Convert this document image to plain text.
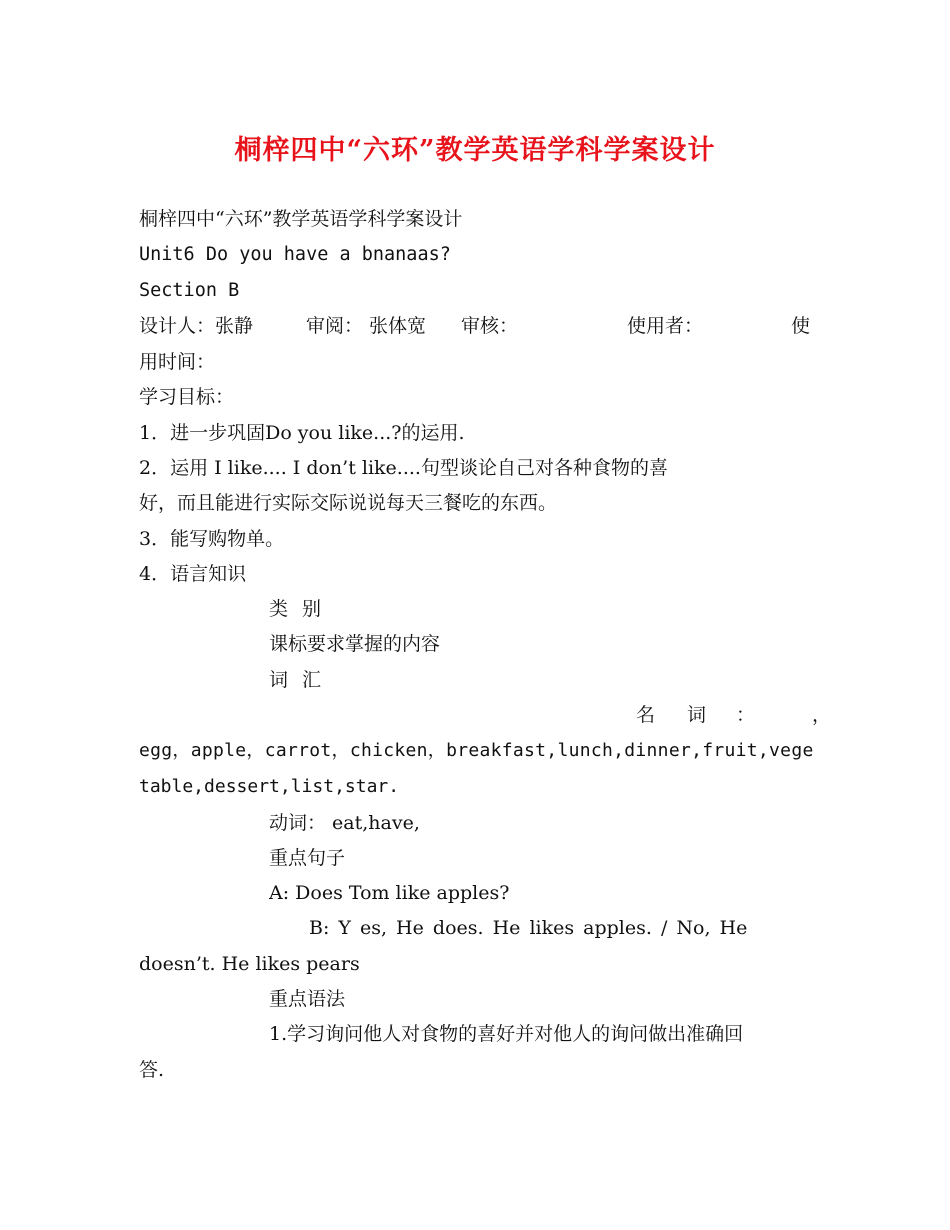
桐梓四中“六环”教学英语学科学案设计
桐梓四中“六环”教学英语学科学案设计
Unit6 Do you have a bnanaas?
Section B
设计人：张静	审阅： 张体宽 审核：	使用者：	使
用时间：
学习目标：
1．进一步巩固Do you like...?的运用.
2．运用 I like.... I don’t like....句型谈论自己对各种食物的喜
好，而且能进行实际交际说说每天三餐吃的东西。
3．能写购物单。
4．语言知识
类别
课标要求掌握的内容
词汇
名 词 ：	，
egg，apple，carrot，chicken，breakfast,lunch,dinner,fruit,vege
table,dessert,list,star.
动词： eat,have,
重点句子
A: Does Tom like apples?
B: Y es, He does. He likes apples. / No, He
doesn’t. He likes pears
重点语法
1.学习询问他人对食物的喜好并对他人的询问做出准确回
答.
